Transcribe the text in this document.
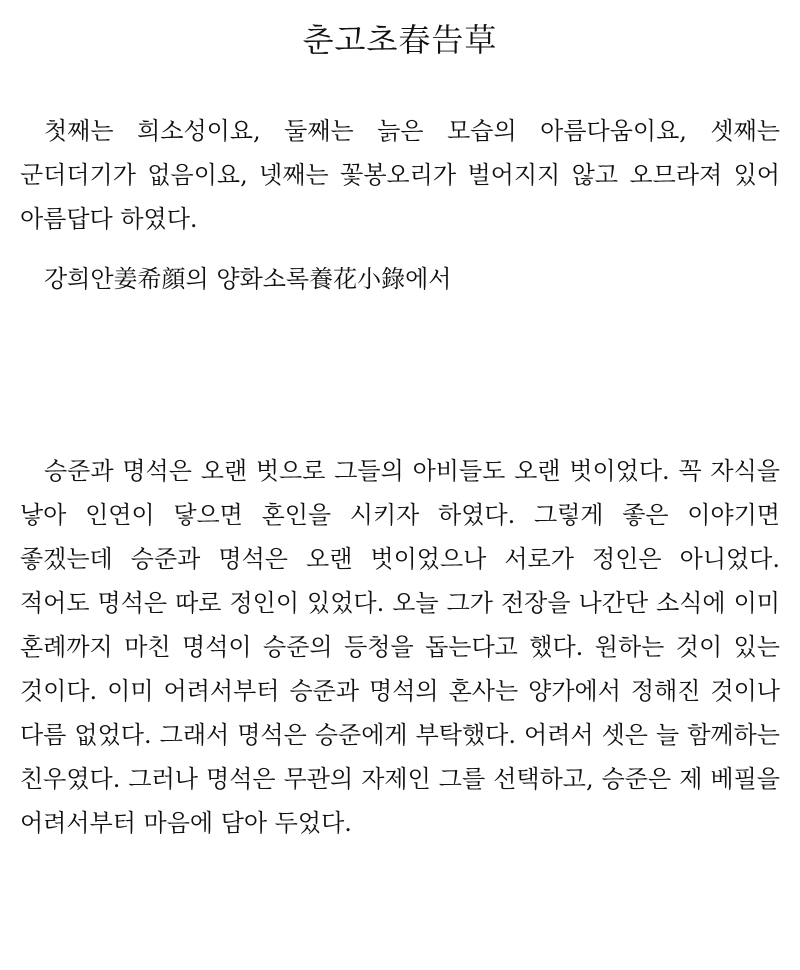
춘고초春告草

첫째는 희소성이요, 둘째는 늙은 모습의 아름다움이요, 셋째는 군더더기가 없음이요, 넷째는 꽃봉오리가 벌어지지 않고 오므라져 있어 아름답다 하였다.

강희안姜希顔의 양화소록養花小錄에서

승준과 명석은 오랜 벗으로 그들의 아비들도 오랜 벗이었다. 꼭 자식을 낳아 인연이 닿으면 혼인을 시키자 하였다. 그렇게 좋은 이야기면 좋겠는데 승준과 명석은 오랜 벗이었으나 서로가 정인은 아니었다. 적어도 명석은 따로 정인이 있었다. 오늘 그가 전장을 나간단 소식에 이미 혼례까지 마친 명석이 승준의 등청을 돕는다고 했다. 원하는 것이 있는 것이다. 이미 어려서부터 승준과 명석의 혼사는 양가에서 정해진 것이나 다름 없었다. 그래서 명석은 승준에게 부탁했다. 어려서 셋은 늘 함께하는 친우였다. 그러나 명석은 무관의 자제인 그를 선택하고, 승준은 제 베필을 어려서부터 마음에 담아 두었다.
